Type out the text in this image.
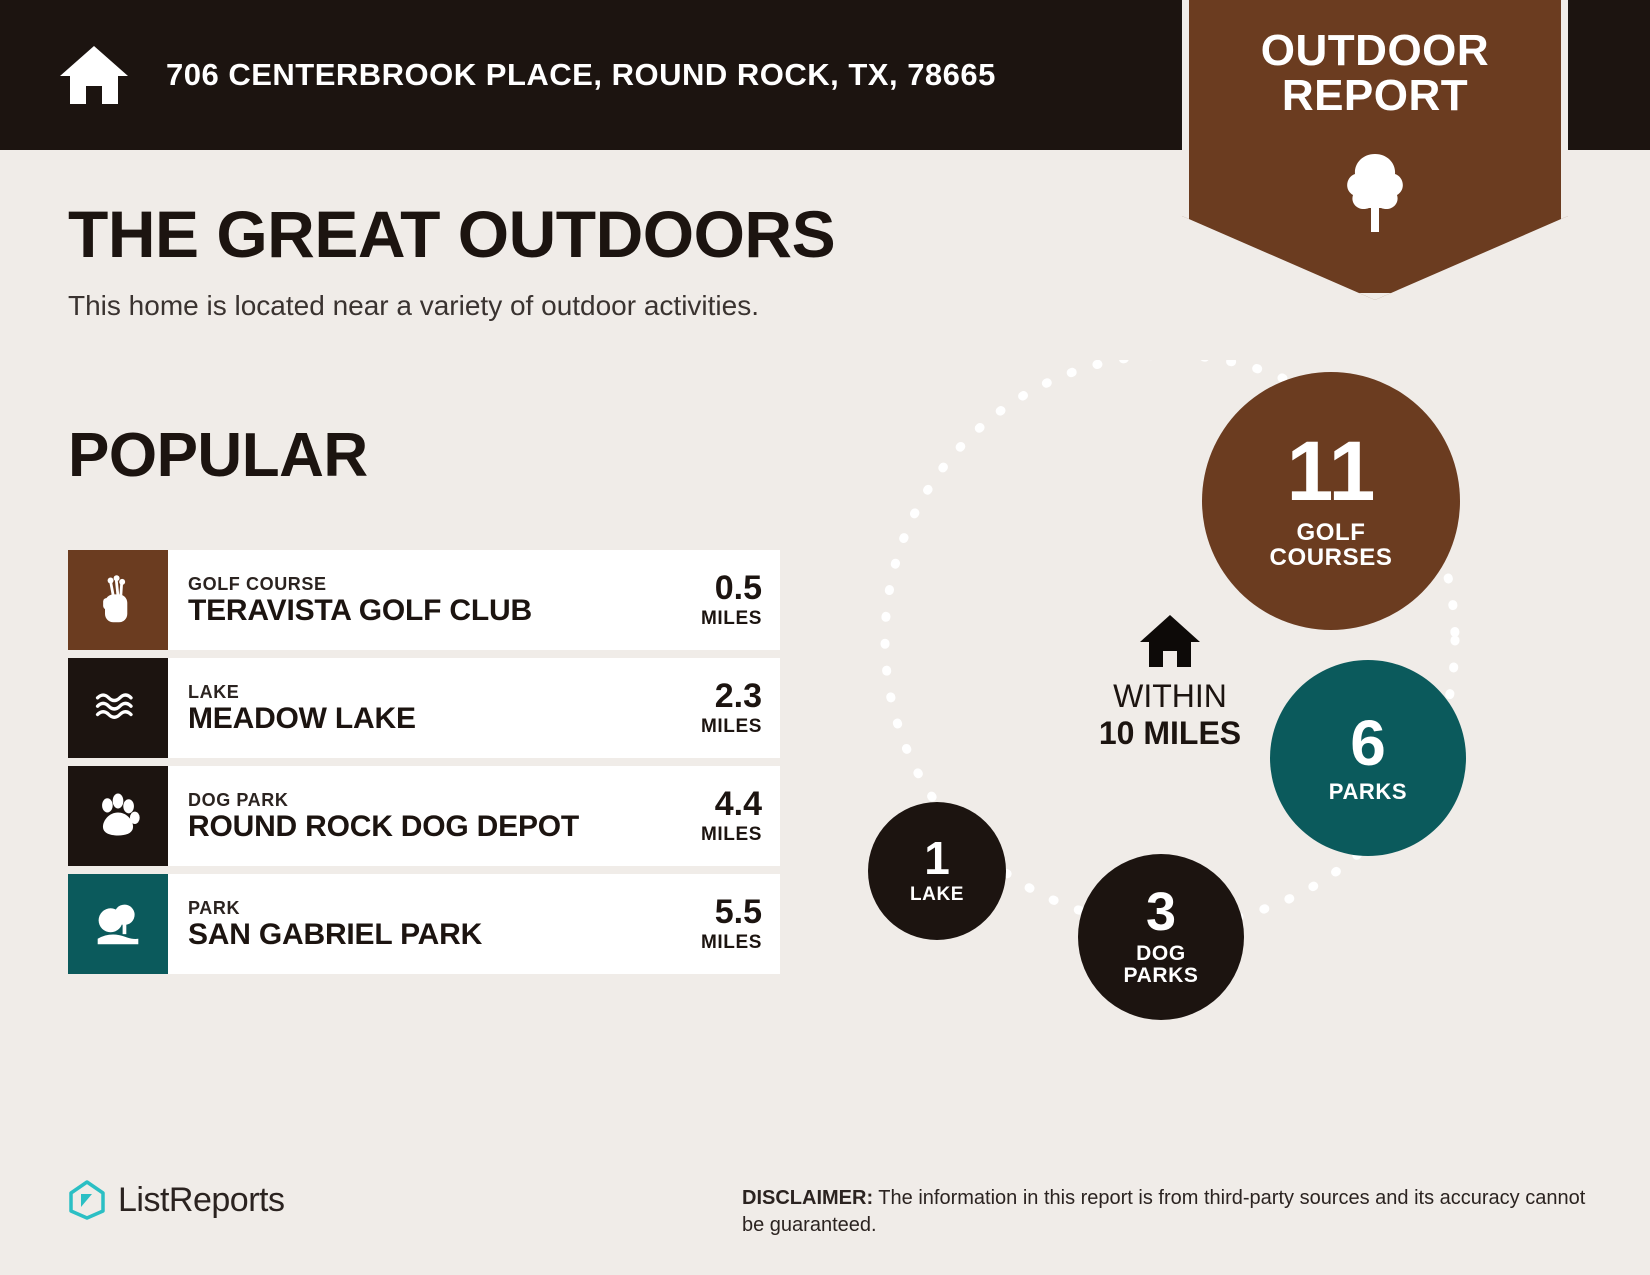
706 CENTERBROOK PLACE, ROUND ROCK, TX, 78665	OUTDOOR
REPORT
THE GREAT OUTDOORS

This home is located near a variety of outdoor activities.

POPULAR
GOLF COURSE
TERAVISTA GOLF CLUB
0.5
MILES
LAKE
MEADOW LAKE
2.3
MILES
DOG PARK
ROUND ROCK DOG DEPOT
4.4
MILES
PARK
SAN GABRIEL PARK
5.5
MILES
WITHIN
10 MILES
11
GOLF
COURSES
6
PARKS
3
DOG
PARKS
1
LAKE
ListReports	DISCLAIMER: The information in this report is from third-party sources and its accuracy cannot be guaranteed.
